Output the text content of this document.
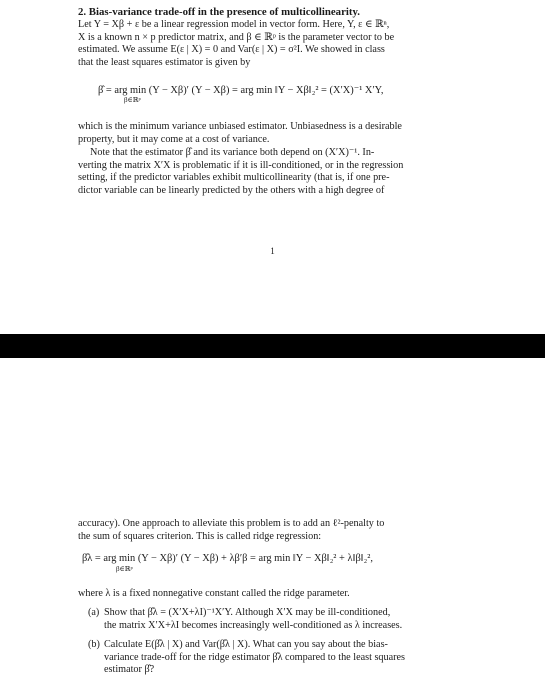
2. Bias-variance trade-off in the presence of multicollinearity.

Let Y = Xβ + ε be a linear regression model in vector form. Here, Y, ε ∈ ℝⁿ,
X is a known n × p predictor matrix, and β ∈ ℝᵖ is the parameter vector to be
estimated. We assume E(ε | X) = 0 and Var(ε | X) = σ²I. We showed in class
that the least squares estimator is given by
β̂ = arg min (Y − Xβ)′ (Y − Xβ) = arg min ‖Y − Xβ‖₂² = (X′X)⁻¹ X′Y,
β∈ℝᵖ
which is the minimum variance unbiased estimator. Unbiasedness is a desirable
property, but it may come at a cost of variance.
Note that the estimator β̂ and its variance both depend on (X′X)⁻¹. In-
verting the matrix X′X is problematic if it is ill-conditioned, or in the regression
setting, if the predictor variables exhibit multicollinearity (that is, if one pre-
dictor variable can be linearly predicted by the others with a high degree of
1
accuracy). One approach to alleviate this problem is to add an ℓ²-penalty to
the sum of squares criterion. This is called ridge regression:
β̂λ = arg min (Y − Xβ)′ (Y − Xβ) + λβ′β = arg min ‖Y − Xβ‖₂² + λ‖β‖₂²,
β∈ℝᵖ
where λ is a fixed nonnegative constant called the ridge parameter.
(a) Show that β̂λ = (X′X+λI)⁻¹X′Y. Although X′X may be ill-conditioned,
the matrix X′X+λI becomes increasingly well-conditioned as λ increases.
(b) Calculate E(β̂λ | X) and Var(β̂λ | X). What can you say about the bias-
variance trade-off for the ridge estimator β̂λ compared to the least squares
estimator β̂?
